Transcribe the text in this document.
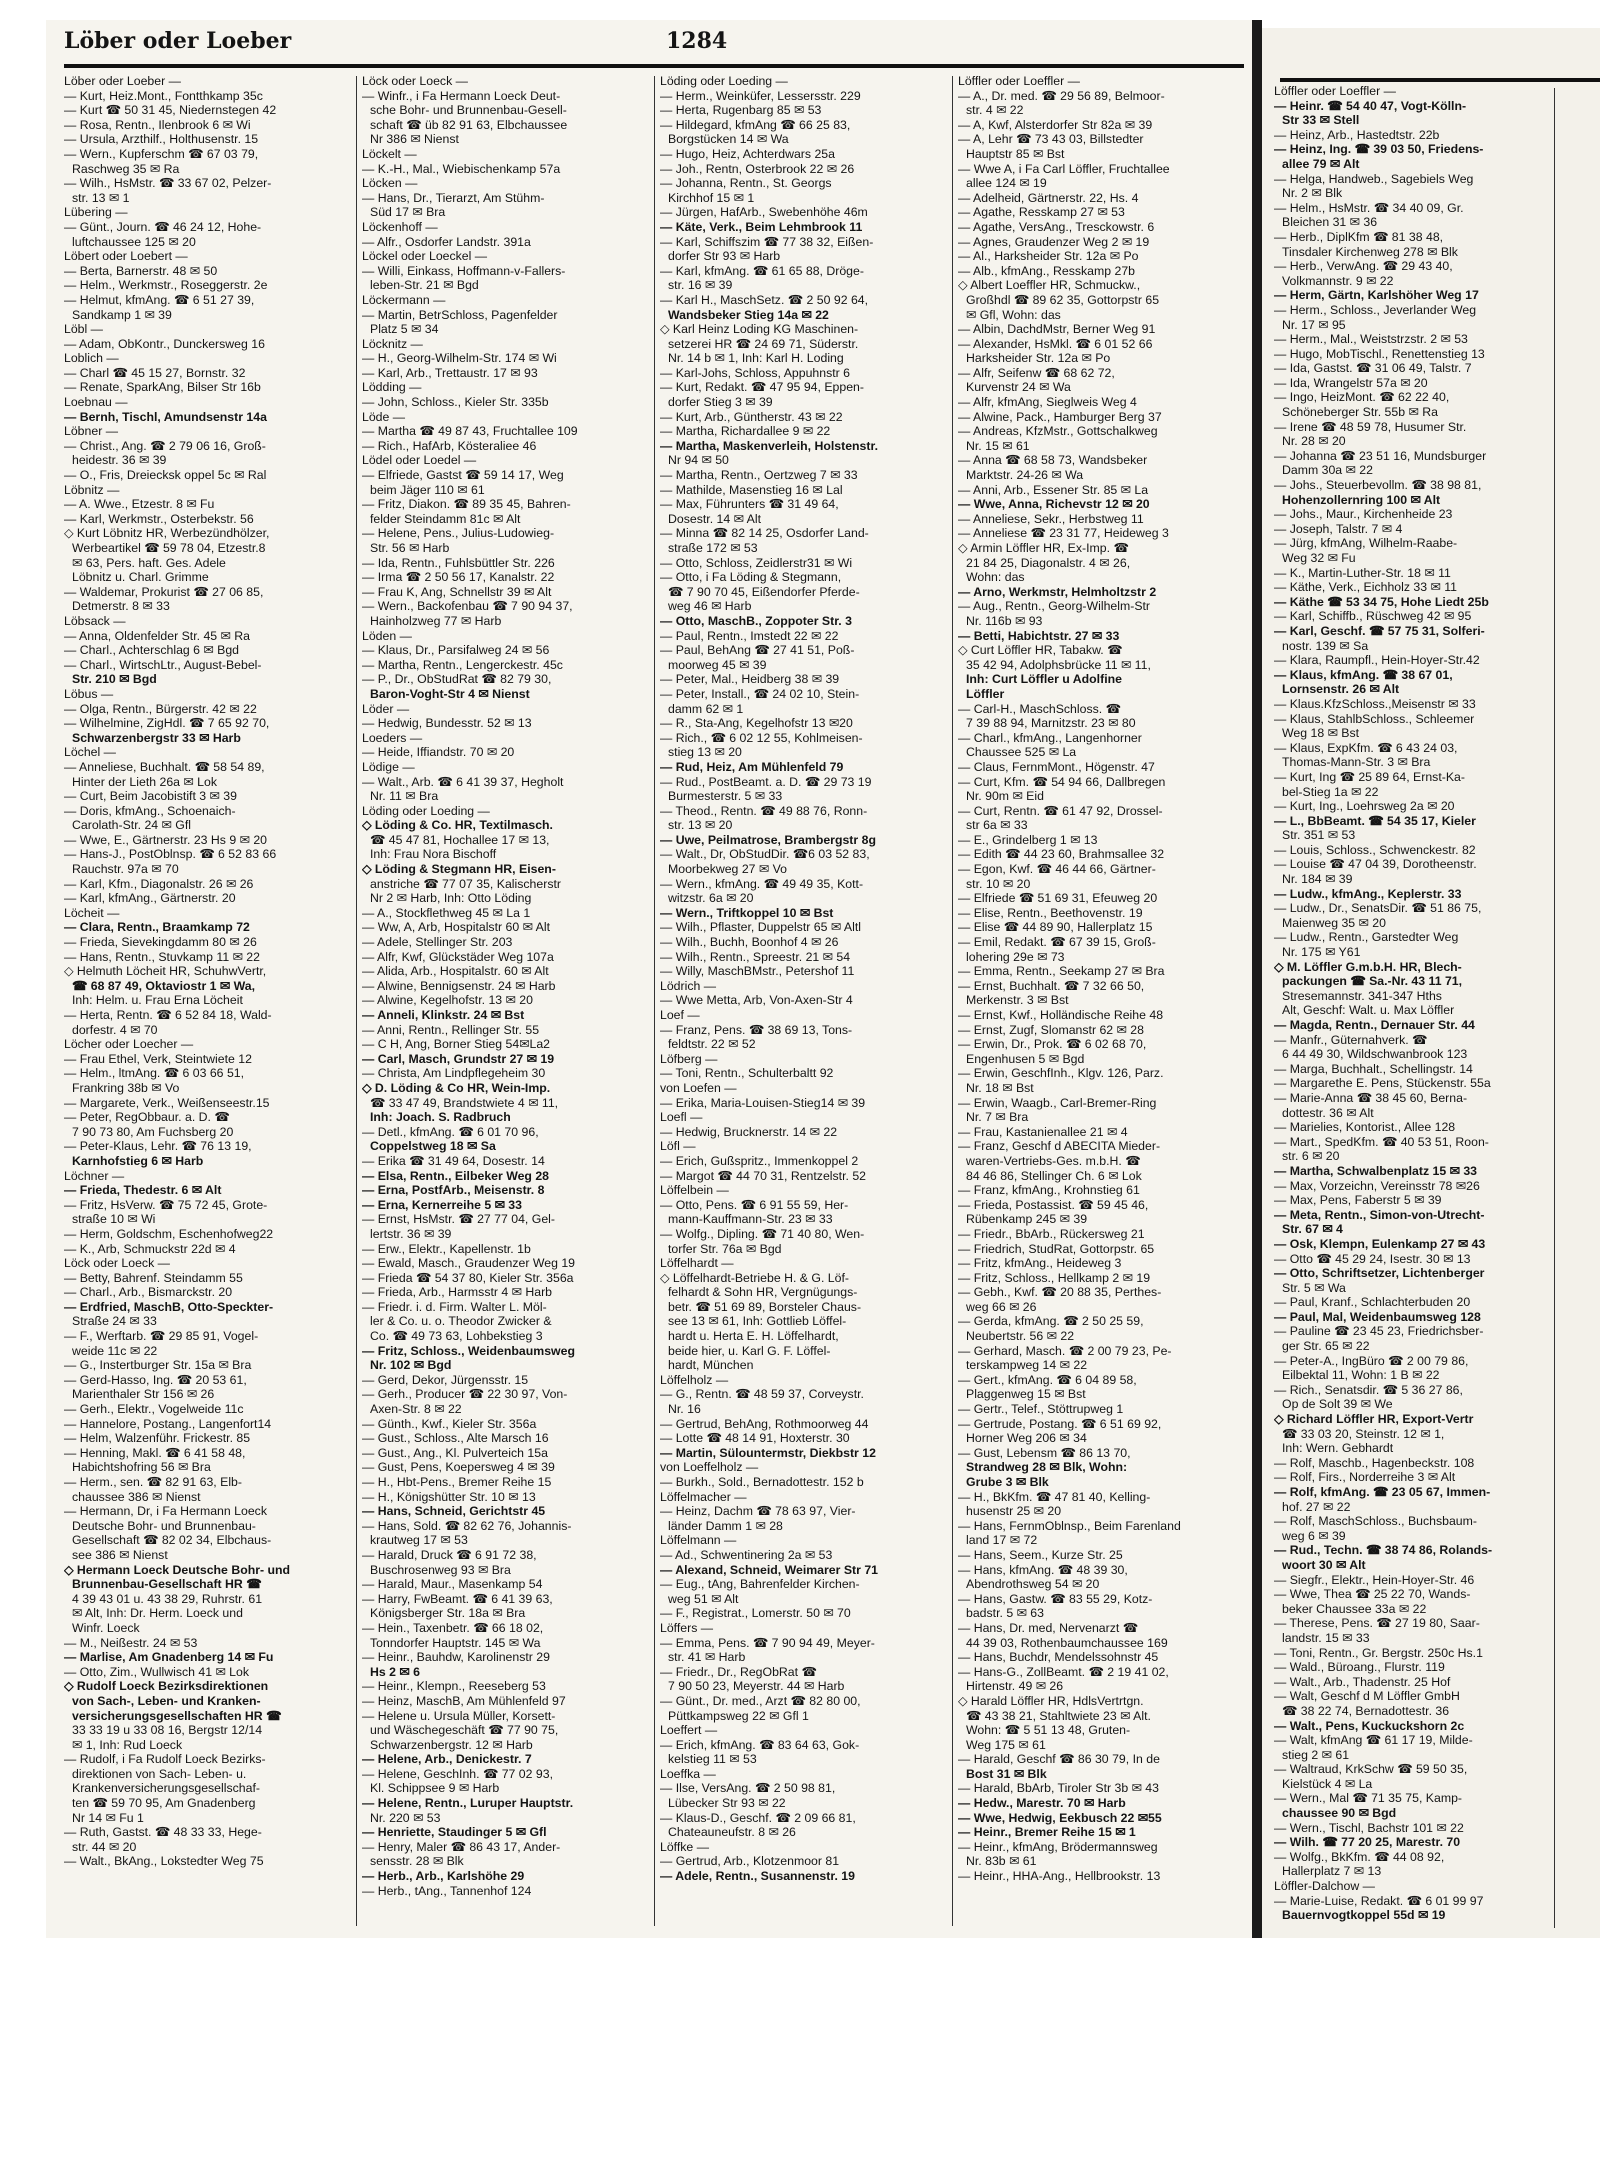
Löber oder Loeber	1284
Löber oder Loeber —
— Kurt, Heiz.Mont., Fontthkamp 35c
— Kurt ☎ 50 31 45, Niedernstegen 42
— Rosa, Rentn., Ilenbrook 6 ✉ Wi
— Ursula, Arzthilf., Holthusenstr. 15
— Wern., Kupferschm ☎ 67 03 79,
Raschweg 35 ✉ Ra
— Wilh., HsMstr. ☎ 33 67 02, Pelzer-
str. 13 ✉ 1
Lübering —
— Günt., Journ. ☎ 46 24 12, Hohe-
luftchaussee 125 ✉ 20
Löbert oder Loebert —
— Berta, Barnerstr. 48 ✉ 50
— Helm., Werkmstr., Roseggerstr. 2e
— Helmut, kfmAng. ☎ 6 51 27 39,
Sandkamp 1 ✉ 39
Löbl —
— Adam, ObKontr., Dunckersweg 16
Loblich —
— Charl ☎ 45 15 27, Bornstr. 32
— Renate, SparkAng, Bilser Str 16b
Loebnau —
— Bernh, Tischl, Amundsenstr 14a
Löbner —
— Christ., Ang. ☎ 2 79 06 16, Groß-
heidestr. 36 ✉ 39
— O., Fris, Dreiecksk oppel 5c ✉ Ral
Löbnitz —
— A. Wwe., Etzestr. 8 ✉ Fu
— Karl, Werkmstr., Osterbekstr. 56
◇ Kurt Löbnitz HR, Werbezündhölzer,
Werbeartikel ☎ 59 78 04, Etzestr.8
✉ 63, Pers. haft. Ges. Adele
Löbnitz u. Charl. Grimme
— Waldemar, Prokurist ☎ 27 06 85,
Detmerstr. 8 ✉ 33
Löbsack —
— Anna, Oldenfelder Str. 45 ✉ Ra
— Charl., Achterschlag 6 ✉ Bgd
— Charl., WirtschLtr., August-Bebel-
Str. 210 ✉ Bgd
Löbus —
— Olga, Rentn., Bürgerstr. 42 ✉ 22
— Wilhelmine, ZigHdl. ☎ 7 65 92 70,
Schwarzenbergstr 33 ✉ Harb
Löchel —
— Anneliese, Buchhalt. ☎ 58 54 89,
Hinter der Lieth 26a ✉ Lok
— Curt, Beim Jacobistift 3 ✉ 39
— Doris, kfmAng., Schoenaich-
Carolath-Str. 24 ✉ Gfl
— Wwe, E., Gärtnerstr. 23 Hs 9 ✉ 20
— Hans-J., PostOblnsp. ☎ 6 52 83 66
Rauchstr. 97a ✉ 70
— Karl, Kfm., Diagonalstr. 26 ✉ 26
— Karl, kfmAng., Gärtnerstr. 20
Löcheit —
— Clara, Rentn., Braamkamp 72
— Frieda, Sievekingdamm 80 ✉ 26
— Hans, Rentn., Stuvkamp 11 ✉ 22
◇ Helmuth Löcheit HR, SchuhwVertr,
☎ 68 87 49, Oktaviostr 1 ✉ Wa,
Inh: Helm. u. Frau Erna Löcheit
— Herta, Rentn. ☎ 6 52 84 18, Wald-
dorfestr. 4 ✉ 70
Löcher oder Loecher —
— Frau Ethel, Verk, Steintwiete 12
— Helm., ltmAng. ☎ 6 03 66 51,
Frankring 38b ✉ Vo
— Margarete, Verk., Weißenseestr.15
— Peter, RegObbaur. a. D. ☎
7 90 73 80, Am Fuchsberg 20
— Peter-Klaus, Lehr. ☎ 76 13 19,
Karnhofstieg 6 ✉ Harb
Löchner —
— Frieda, Thedestr. 6 ✉ Alt
— Fritz, HsVerw. ☎ 75 72 45, Grote-
straße 10 ✉ Wi
— Herm, Goldschm, Eschenhofweg22
— K., Arb, Schmuckstr 22d ✉ 4
Löck oder Loeck —
— Betty, Bahrenf. Steindamm 55
— Charl., Arb., Bismarckstr. 20
— Erdfried, MaschB, Otto-Speckter-
Straße 24 ✉ 33
— F., Werftarb. ☎ 29 85 91, Vogel-
weide 11c ✉ 22
— G., Instertburger Str. 15a ✉ Bra
— Gerd-Hasso, Ing. ☎ 20 53 61,
Marienthaler Str 156 ✉ 26
— Gerh., Elektr., Vogelweide 11c
— Hannelore, Postang., Langenfort14
— Helm, Walzenführ. Frickestr. 85
— Henning, Makl. ☎ 6 41 58 48,
Habichtshofring 56 ✉ Bra
— Herm., sen. ☎ 82 91 63, Elb-
chaussee 386 ✉ Nienst
— Hermann, Dr, i Fa Hermann Loeck
Deutsche Bohr- und Brunnenbau-
Gesellschaft ☎ 82 02 34, Elbchaus-
see 386 ✉ Nienst
◇ Hermann Loeck Deutsche Bohr- und
Brunnenbau-Gesellschaft HR ☎
4 39 43 01 u. 43 38 29, Ruhrstr. 61
✉ Alt, Inh: Dr. Herm. Loeck und
Winfr. Loeck
— M., Neißestr. 24 ✉ 53
— Marlise, Am Gnadenberg 14 ✉ Fu
— Otto, Zim., Wullwisch 41 ✉ Lok
◇ Rudolf Loeck Bezirksdirektionen
von Sach-, Leben- und Kranken-
versicherungsgesellschaften HR ☎
33 33 19 u 33 08 16, Bergstr 12/14
✉ 1, Inh: Rud Loeck
— Rudolf, i Fa Rudolf Loeck Bezirks-
direktionen von Sach- Leben- u.
Krankenversicherungsgesellschaf-
ten ☎ 59 70 95, Am Gnadenberg
Nr 14 ✉ Fu 1
— Ruth, Gastst. ☎ 48 33 33, Hege-
str. 44 ✉ 20
— Walt., BkAng., Lokstedter Weg 75
Löck oder Loeck —
— Winfr., i Fa Hermann Loeck Deut-
sche Bohr- und Brunnenbau-Gesell-
schaft ☎ üb 82 91 63, Elbchaussee
Nr 386 ✉ Nienst
Löckelt —
— K.-H., Mal., Wiebischenkamp 57a
Löcken —
— Hans, Dr., Tierarzt, Am Stühm-
Süd 17 ✉ Bra
Löckenhoff —
— Alfr., Osdorfer Landstr. 391a
Löckel oder Loeckel —
— Willi, Einkass, Hoffmann-v-Fallers-
leben-Str. 21 ✉ Bgd
Löckermann —
— Martin, BetrSchloss, Pagenfelder
Platz 5 ✉ 34
Löcknitz —
— H., Georg-Wilhelm-Str. 174 ✉ Wi
— Karl, Arb., Trettaustr. 17 ✉ 93
Lödding —
— John, Schloss., Kieler Str. 335b
Löde —
— Martha ☎ 49 87 43, Fruchtallee 109
— Rich., HafArb, Kösteraliee 46
Lödel oder Loedel —
— Elfriede, Gastst ☎ 59 14 17, Weg
beim Jäger 110 ✉ 61
— Fritz, Diakon. ☎ 89 35 45, Bahren-
felder Steindamm 81c ✉ Alt
— Helene, Pens., Julius-Ludowieg-
Str. 56 ✉ Harb
— Ida, Rentn., Fuhlsbüttler Str. 226
— Irma ☎ 2 50 56 17, Kanalstr. 22
— Frau K, Ang, Schnellstr 39 ✉ Alt
— Wern., Backofenbau ☎ 7 90 94 37,
Hainholzweg 77 ✉ Harb
Löden —
— Klaus, Dr., Parsifalweg 24 ✉ 56
— Martha, Rentn., Lengerckestr. 45c
— P., Dr., ObStudRat ☎ 82 79 30,
Baron-Voght-Str 4 ✉ Nienst
Löder —
— Hedwig, Bundesstr. 52 ✉ 13
Loeders —
— Heide, Iffiandstr. 70 ✉ 20
Lödige —
— Walt., Arb. ☎ 6 41 39 37, Hegholt
Nr. 11 ✉ Bra
Löding oder Loeding —
◇ Löding & Co. HR, Textilmasch.
☎ 45 47 81, Hochallee 17 ✉ 13,
Inh: Frau Nora Bischoff
◇ Löding & Stegmann HR, Eisen-
anstriche ☎ 77 07 35, Kalischerstr
Nr 2 ✉ Harb, Inh: Otto Löding
— A., Stockflethweg 45 ✉ La 1
— Ww, A, Arb, Hospitalstr 60 ✉ Alt
— Adele, Stellinger Str. 203
— Alfr, Kwf, Glückstäder Weg 107a
— Alida, Arb., Hospitalstr. 60 ✉ Alt
— Alwine, Bennigsenstr. 24 ✉ Harb
— Alwine, Kegelhofstr. 13 ✉ 20
— Anneli, Klinkstr. 24 ✉ Bst
— Anni, Rentn., Rellinger Str. 55
— C H, Ang, Borner Stieg 54✉La2
— Carl, Masch, Grundstr 27 ✉ 19
— Christa, Am Lindpflegeheim 30
◇ D. Löding & Co HR, Wein-Imp.
☎ 33 47 49, Brandstwiete 4 ✉ 11,
Inh: Joach. S. Radbruch
— Detl., kfmAng. ☎ 6 01 70 96,
Coppelstweg 18 ✉ Sa
— Erika ☎ 31 49 64, Dosestr. 14
— Elsa, Rentn., Eilbeker Weg 28
— Erna, PostfArb., Meisenstr. 8
— Erna, Kernerreihe 5 ✉ 33
— Ernst, HsMstr. ☎ 27 77 04, Gel-
lertstr. 36 ✉ 39
— Erw., Elektr., Kapellenstr. 1b
— Ewald, Masch., Graudenzer Weg 19
— Frieda ☎ 54 37 80, Kieler Str. 356a
— Frieda, Arb., Harmsstr 4 ✉ Harb
— Friedr. i. d. Firm. Walter L. Möl-
ler & Co. u. o. Theodor Zwicker &
Co. ☎ 49 73 63, Lohbekstieg 3
— Fritz, Schloss., Weidenbaumsweg
Nr. 102 ✉ Bgd
— Gerd, Dekor, Jürgensstr. 15
— Gerh., Producer ☎ 22 30 97, Von-
Axen-Str. 8 ✉ 22
— Günth., Kwf., Kieler Str. 356a
— Gust., Schloss., Alte Marsch 16
— Gust., Ang., Kl. Pulverteich 15a
— Gust, Pens, Koepersweg 4 ✉ 39
— H., Hbt-Pens., Bremer Reihe 15
— H., Königshütter Str. 10 ✉ 13
— Hans, Schneid, Gerichtstr 45
— Hans, Sold. ☎ 82 62 76, Johannis-
krautweg 17 ✉ 53
— Harald, Druck ☎ 6 91 72 38,
Buschrosenweg 93 ✉ Bra
— Harald, Maur., Masenkamp 54
— Harry, FwBeamt. ☎ 6 41 39 63,
Königsberger Str. 18a ✉ Bra
— Hein., Taxenbetr. ☎ 66 18 02,
Tonndorfer Hauptstr. 145 ✉ Wa
— Heinr., Bauhdw, Karolinenstr 29
Hs 2 ✉ 6
— Heinr., Klempn., Reeseberg 53
— Heinz, MaschB, Am Mühlenfeld 97
— Helene u. Ursula Müller, Korsett-
und Wäschegeschäft ☎ 77 90 75,
Schwarzenbergstr. 12 ✉ Harb
— Helene, Arb., Denickestr. 7
— Helene, GeschInh. ☎ 77 02 93,
Kl. Schippsee 9 ✉ Harb
— Helene, Rentn., Luruper Hauptstr.
Nr. 220 ✉ 53
— Henriette, Staudinger 5 ✉ Gfl
— Henry, Maler ☎ 86 43 17, Ander-
sensstr. 28 ✉ Blk
— Herb., Arb., Karlshöhe 29
— Herb., tAng., Tannenhof 124
Löding oder Loeding —
— Herm., Weinküfer, Lessersstr. 229
— Herta, Rugenbarg 85 ✉ 53
— Hildegard, kfmAng ☎ 66 25 83,
Borgstücken 14 ✉ Wa
— Hugo, Heiz, Achterdwars 25a
— Joh., Rentn, Osterbrook 22 ✉ 26
— Johanna, Rentn., St. Georgs
Kirchhof 15 ✉ 1
— Jürgen, HafArb., Swebenhöhe 46m
— Käte, Verk., Beim Lehmbrook 11
— Karl, Schiffszim ☎ 77 38 32, Eißen-
dorfer Str 93 ✉ Harb
— Karl, kfmAng. ☎ 61 65 88, Dröge-
str. 16 ✉ 39
— Karl H., MaschSetz. ☎ 2 50 92 64,
Wandsbeker Stieg 14a ✉ 22
◇ Karl Heinz Loding KG Maschinen-
setzerei HR ☎ 24 69 71, Süderstr.
Nr. 14 b ✉ 1, Inh: Karl H. Loding
— Karl-Johs, Schloss, Appuhnstr 6
— Kurt, Redakt. ☎ 47 95 94, Eppen-
dorfer Stieg 3 ✉ 39
— Kurt, Arb., Güntherstr. 43 ✉ 22
— Martha, Richardallee 9 ✉ 22
— Martha, Maskenverleih, Holstenstr.
Nr 94 ✉ 50
— Martha, Rentn., Oertzweg 7 ✉ 33
— Mathilde, Masenstieg 16 ✉ Lal
— Max, Führunters ☎ 31 49 64,
Dosestr. 14 ✉ Alt
— Minna ☎ 82 14 25, Osdorfer Land-
straße 172 ✉ 53
— Otto, Schloss, Zeidlerstr31 ✉ Wi
— Otto, i Fa Löding & Stegmann,
☎ 7 90 70 45, Eißendorfer Pferde-
weg 46 ✉ Harb
— Otto, MaschB., Zoppoter Str. 3
— Paul, Rentn., Imstedt 22 ✉ 22
— Paul, BehAng ☎ 27 41 51, Poß-
moorweg 45 ✉ 39
— Peter, Mal., Heidberg 38 ✉ 39
— Peter, Install., ☎ 24 02 10, Stein-
damm 62 ✉ 1
— R., Sta-Ang, Kegelhofstr 13 ✉20
— Rich., ☎ 6 02 12 55, Kohlmeisen-
stieg 13 ✉ 20
— Rud, Heiz, Am Mühlenfeld 79
— Rud., PostBeamt. a. D. ☎ 29 73 19
Burmesterstr. 5 ✉ 33
— Theod., Rentn. ☎ 49 88 76, Ronn-
str. 13 ✉ 20
— Uwe, Peilmatrose, Brambergstr 8g
— Walt., Dr, ObStudDir. ☎6 03 52 83,
Moorbekweg 27 ✉ Vo
— Wern., kfmAng. ☎ 49 49 35, Kott-
witzstr. 6a ✉ 20
— Wern., Triftkoppel 10 ✉ Bst
— Wilh., Pflaster, Duppelstr 65 ✉ Altl
— Wilh., Buchh, Boonhof 4 ✉ 26
— Wilh., Rentn., Spreestr. 21 ✉ 54
— Willy, MaschBMstr., Petershof 11
Lödrich —
— Wwe Metta, Arb, Von-Axen-Str 4
Loef —
— Franz, Pens. ☎ 38 69 13, Tons-
feldtstr. 22 ✉ 52
Löfberg —
— Toni, Rentn., Schulterbaltt 92
von Loefen —
— Erika, Maria-Louisen-Stieg14 ✉ 39
Loefl —
— Hedwig, Brucknerstr. 14 ✉ 22
Löfl —
— Erich, Gußspritz., Immenkoppel 2
— Margot ☎ 44 70 31, Rentzelstr. 52
Löffelbein —
— Otto, Pens. ☎ 6 91 55 59, Her-
mann-Kauffmann-Str. 23 ✉ 33
— Wolfg., Dipling. ☎ 71 40 80, Wen-
torfer Str. 76a ✉ Bgd
Löffelhardt —
◇ Löffelhardt-Betriebe H. & G. Löf-
felhardt & Sohn HR, Vergnügungs-
betr. ☎ 51 69 89, Borsteler Chaus-
see 13 ✉ 61, Inh: Gottlieb Löffel-
hardt u. Herta E. H. Löffelhardt,
beide hier, u. Karl G. F. Löffel-
hardt, München
Löffelholz —
— G., Rentn. ☎ 48 59 37, Corveystr.
Nr. 16
— Gertrud, BehAng, Rothmoorweg 44
— Lotte ☎ 48 14 91, Hoxterstr. 30
— Martin, Sülountermstr, Diekbstr 12
von Loeffelholz —
— Burkh., Sold., Bernadottestr. 152 b
Löffelmacher —
— Heinz, Dachm ☎ 78 63 97, Vier-
länder Damm 1 ✉ 28
Löffelmann —
— Ad., Schwentinering 2a ✉ 53
— Alexand, Schneid, Weimarer Str 71
— Eug., tAng, Bahrenfelder Kirchen-
weg 51 ✉ Alt
— F., Registrat., Lomerstr. 50 ✉ 70
Löffers —
— Emma, Pens. ☎ 7 90 94 49, Meyer-
str. 41 ✉ Harb
— Friedr., Dr., RegObRat ☎
7 90 50 23, Meyerstr. 44 ✉ Harb
— Günt., Dr. med., Arzt ☎ 82 80 00,
Püttkampsweg 22 ✉ Gfl 1
Loeffert —
— Erich, kfmAng. ☎ 83 64 63, Gok-
kelstieg 11 ✉ 53
Loeffka —
— Ilse, VersAng. ☎ 2 50 98 81,
Lübecker Str 93 ✉ 22
— Klaus-D., Geschf. ☎ 2 09 66 81,
Chateauneufstr. 8 ✉ 26
Löffke —
— Gertrud, Arb., Klotzenmoor 81
— Adele, Rentn., Susannenstr. 19
Löffler oder Loeffler —
— A., Dr. med. ☎ 29 56 89, Belmoor-
str. 4 ✉ 22
— A, Kwf, Alsterdorfer Str 82a ✉ 39
— A, Lehr ☎ 73 43 03, Billstedter
Hauptstr 85 ✉ Bst
— Wwe A, i Fa Carl Löffler, Fruchtallee
allee 124 ✉ 19
— Adelheid, Gärtnerstr. 22, Hs. 4
— Agathe, Resskamp 27 ✉ 53
— Agathe, VersAng., Tresckowstr. 6
— Agnes, Graudenzer Weg 2 ✉ 19
— Al., Harksheider Str. 12a ✉ Po
— Alb., kfmAng., Resskamp 27b
◇ Albert Loeffler HR, Schmuckw.,
Großhdl ☎ 89 62 35, Gottorpstr 65
✉ Gfl, Wohn: das
— Albin, DachdMstr, Berner Weg 91
— Alexander, HsMkl. ☎ 6 01 52 66
Harksheider Str. 12a ✉ Po
— Alfr, Seifenw ☎ 68 62 72,
Kurvenstr 24 ✉ Wa
— Alfr, kfmAng, Sieglweis Weg 4
— Alwine, Pack., Hamburger Berg 37
— Andreas, KfzMstr., Gottschalkweg
Nr. 15 ✉ 61
— Anna ☎ 68 58 73, Wandsbeker
Marktstr. 24-26 ✉ Wa
— Anni, Arb., Essener Str. 85 ✉ La
— Wwe, Anna, Richevstr 12 ✉ 20
— Anneliese, Sekr., Herbstweg 11
— Anneliese ☎ 23 31 77, Heideweg 3
◇ Armin Löffler HR, Ex-Imp. ☎
21 84 25, Diagonalstr. 4 ✉ 26,
Wohn: das
— Arno, Werkmstr, Helmholtzstr 2
— Aug., Rentn., Georg-Wilhelm-Str
Nr. 116b ✉ 93
— Betti, Habichtstr. 27 ✉ 33
◇ Curt Löffler HR, Tabakw. ☎
35 42 94, Adolphsbrücke 11 ✉ 11,
Inh: Curt Löffler u Adolfine
Löffler
— Carl-H., MaschSchloss. ☎
7 39 88 94, Marnitzstr. 23 ✉ 80
— Charl., kfmAng., Langenhorner
Chaussee 525 ✉ La
— Claus, FernmMont., Högenstr. 47
— Curt, Kfm. ☎ 54 94 66, Dallbregen
Nr. 90m ✉ Eid
— Curt, Rentn. ☎ 61 47 92, Drossel-
str 6a ✉ 33
— E., Grindelberg 1 ✉ 13
— Edith ☎ 44 23 60, Brahmsallee 32
— Egon, Kwf. ☎ 46 44 66, Gärtner-
str. 10 ✉ 20
— Elfriede ☎ 51 69 31, Efeuweg 20
— Elise, Rentn., Beethovenstr. 19
— Elise ☎ 44 89 90, Hallerplatz 15
— Emil, Redakt. ☎ 67 39 15, Groß-
lohering 29e ✉ 73
— Emma, Rentn., Seekamp 27 ✉ Bra
— Ernst, Buchhalt. ☎ 7 32 66 50,
Merkenstr. 3 ✉ Bst
— Ernst, Kwf., Holländische Reihe 48
— Ernst, Zugf, Slomanstr 62 ✉ 28
— Erwin, Dr., Prok. ☎ 6 02 68 70,
Engenhusen 5 ✉ Bgd
— Erwin, GeschfInh., Klgv. 126, Parz.
Nr. 18 ✉ Bst
— Erwin, Waagb., Carl-Bremer-Ring
Nr. 7 ✉ Bra
— Frau, Kastanienallee 21 ✉ 4
— Franz, Geschf d ABECITA Mieder-
waren-Vertriebs-Ges. m.b.H. ☎
84 46 86, Stellinger Ch. 6 ✉ Lok
— Franz, kfmAng., Krohnstieg 61
— Frieda, Postassist. ☎ 59 45 46,
Rübenkamp 245 ✉ 39
— Friedr., BbArb., Rückersweg 21
— Friedrich, StudRat, Gottorpstr. 65
— Fritz, kfmAng., Heideweg 3
— Fritz, Schloss., Hellkamp 2 ✉ 19
— Gebh., Kwf. ☎ 20 88 35, Perthes-
weg 66 ✉ 26
— Gerda, kfmAng. ☎ 2 50 25 59,
Neubertstr. 56 ✉ 22
— Gerhard, Masch. ☎ 2 00 79 23, Pe-
terskampweg 14 ✉ 22
— Gert., kfmAng. ☎ 6 04 89 58,
Plaggenweg 15 ✉ Bst
— Gertr., Telef., Stöttrupweg 1
— Gertrude, Postang. ☎ 6 51 69 92,
Horner Weg 206 ✉ 34
— Gust, Lebensm ☎ 86 13 70,
Strandweg 28 ✉ Blk, Wohn:
Grube 3 ✉ Blk
— H., BkKfm. ☎ 47 81 40, Kelling-
husenstr 25 ✉ 20
— Hans, FernmOblnsp., Beim Farenland
land 17 ✉ 72
— Hans, Seem., Kurze Str. 25
— Hans, kfmAng. ☎ 48 39 30,
Abendrothsweg 54 ✉ 20
— Hans, Gastw. ☎ 83 55 29, Kotz-
badstr. 5 ✉ 63
— Hans, Dr. med, Nervenarzt ☎
44 39 03, Rothenbaumchaussee 169
— Hans, Buchdr, Mendelssohnstr 45
— Hans-G., ZollBeamt. ☎ 2 19 41 02,
Hirtenstr. 49 ✉ 26
◇ Harald Löffler HR, HdlsVertrtgn.
☎ 43 38 21, Stahltwiete 23 ✉ Alt.
Wohn: ☎ 5 51 13 48, Gruten-
Weg 175 ✉ 61
— Harald, Geschf ☎ 86 30 79, In de
Bost 31 ✉ Blk
— Harald, BbArb, Tiroler Str 3b ✉ 43
— Hedw., Marestr. 70 ✉ Harb
— Wwe, Hedwig, Eekbusch 22 ✉55
— Heinr., Bremer Reihe 15 ✉ 1
— Heinr., kfmAng, Brödermannsweg
Nr. 83b ✉ 61
— Heinr., HHA-Ang., Hellbrookstr. 13
Löffler oder Loeffler —
— Heinr. ☎ 54 40 47, Vogt-Kölln-
Str 33 ✉ Stell
— Heinz, Arb., Hastedtstr. 22b
— Heinz, Ing. ☎ 39 03 50, Friedens-
allee 79 ✉ Alt
— Helga, Handweb., Sagebiels Weg
Nr. 2 ✉ Blk
— Helm., HsMstr. ☎ 34 40 09, Gr.
Bleichen 31 ✉ 36
— Herb., DiplKfm ☎ 81 38 48,
Tinsdaler Kirchenweg 278 ✉ Blk
— Herb., VerwAng. ☎ 29 43 40,
Volkmannstr. 9 ✉ 22
— Herm, Gärtn, Karlshöher Weg 17
— Herm., Schloss., Jeverlander Weg
Nr. 17 ✉ 95
— Herm., Mal., Weiststrzstr. 2 ✉ 53
— Hugo, MobTischl., Renettenstieg 13
— Ida, Gastst. ☎ 31 06 49, Talstr. 7
— Ida, Wrangelstr 57a ✉ 20
— Ingo, HeizMont. ☎ 62 22 40,
Schöneberger Str. 55b ✉ Ra
— Irene ☎ 48 59 78, Husumer Str.
Nr. 28 ✉ 20
— Johanna ☎ 23 51 16, Mundsburger
Damm 30a ✉ 22
— Johs., Steuerbevollm. ☎ 38 98 81,
Hohenzollernring 100 ✉ Alt
— Johs., Maur., Kirchenheide 23
— Joseph, Talstr. 7 ✉ 4
— Jürg, kfmAng, Wilhelm-Raabe-
Weg 32 ✉ Fu
— K., Martin-Luther-Str. 18 ✉ 11
— Käthe, Verk., Eichholz 33 ✉ 11
— Käthe ☎ 53 34 75, Hohe Liedt 25b
— Karl, Schiffb., Rüschweg 42 ✉ 95
— Karl, Geschf. ☎ 57 75 31, Solferi-
nostr. 139 ✉ Sa
— Klara, Raumpfl., Hein-Hoyer-Str.42
— Klaus, kfmAng. ☎ 38 67 01,
Lornsenstr. 26 ✉ Alt
— Klaus.KfzSchloss.,Meisenstr ✉ 33
— Klaus, StahlbSchloss., Schleemer
Weg 18 ✉ Bst
— Klaus, ExpKfm. ☎ 6 43 24 03,
Thomas-Mann-Str. 3 ✉ Bra
— Kurt, Ing ☎ 25 89 64, Ernst-Ka-
bel-Stieg 1a ✉ 22
— Kurt, Ing., Loehrsweg 2a ✉ 20
— L., BbBeamt. ☎ 54 35 17, Kieler
Str. 351 ✉ 53
— Louis, Schloss., Schwenckestr. 82
— Louise ☎ 47 04 39, Dorotheenstr.
Nr. 184 ✉ 39
— Ludw., kfmAng., Keplerstr. 33
— Ludw., Dr., SenatsDir. ☎ 51 86 75,
Maienweg 35 ✉ 20
— Ludw., Rentn., Garstedter Weg
Nr. 175 ✉ Y61
◇ M. Löffler G.m.b.H. HR, Blech-
packungen ☎ Sa.-Nr. 43 11 71,
Stresemannstr. 341-347 Hths
Alt, Geschf: Walt. u. Max Löffler
— Magda, Rentn., Dernauer Str. 44
— Manfr., Güternahverk. ☎
6 44 49 30, Wildschwanbrook 123
— Marga, Buchhalt., Schellingstr. 14
— Margarethe E. Pens, Stückenstr. 55a
— Marie-Anna ☎ 38 45 60, Berna-
dottestr. 36 ✉ Alt
— Marielies, Kontorist., Allee 128
— Mart., SpedKfm. ☎ 40 53 51, Roon-
str. 6 ✉ 20
— Martha, Schwalbenplatz 15 ✉ 33
— Max, Vorzeichn, Vereinsstr 78 ✉26
— Max, Pens, Faberstr 5 ✉ 39
— Meta, Rentn., Simon-von-Utrecht-
Str. 67 ✉ 4
— Osk, Klempn, Eulenkamp 27 ✉ 43
— Otto ☎ 45 29 24, Isestr. 30 ✉ 13
— Otto, Schriftsetzer, Lichtenberger
Str. 5 ✉ Wa
— Paul, Kranf., Schlachterbuden 20
— Paul, Mal, Weidenbaumsweg 128
— Pauline ☎ 23 45 23, Friedrichsber-
ger Str. 65 ✉ 22
— Peter-A., IngBüro ☎ 2 00 79 86,
Eilbektal 11, Wohn: 1 B ✉ 22
— Rich., Senatsdir. ☎ 5 36 27 86,
Op de Solt 39 ✉ We
◇ Richard Löffler HR, Export-Vertr
☎ 33 03 20, Steinstr. 12 ✉ 1,
Inh: Wern. Gebhardt
— Rolf, Maschb., Hagenbeckstr. 108
— Rolf, Firs., Norderreihe 3 ✉ Alt
— Rolf, kfmAng. ☎ 23 05 67, Immen-
hof. 27 ✉ 22
— Rolf, MaschSchloss., Buchsbaum-
weg 6 ✉ 39
— Rud., Techn. ☎ 38 74 86, Rolands-
woort 30 ✉ Alt
— Siegfr., Elektr., Hein-Hoyer-Str. 46
— Wwe, Thea ☎ 25 22 70, Wands-
beker Chaussee 33a ✉ 22
— Therese, Pens. ☎ 27 19 80, Saar-
landstr. 15 ✉ 33
— Toni, Rentn., Gr. Bergstr. 250c Hs.1
— Wald., Büroang., Flurstr. 119
— Walt., Arb., Thadenstr. 25 Hof
— Walt, Geschf d M Löffler GmbH
☎ 38 22 74, Bernadottestr. 36
— Walt., Pens, Kuckuckshorn 2c
— Walt, kfmAng ☎ 61 17 19, Milde-
stieg 2 ✉ 61
— Waltraud, KrkSchw ☎ 59 50 35,
Kielstück 4 ✉ La
— Wern., Mal ☎ 71 35 75, Kamp-
chaussee 90 ✉ Bgd
— Wern., Tischl, Bachstr 101 ✉ 22
— Wilh. ☎ 77 20 25, Marestr. 70
— Wolfg., BkKfm. ☎ 44 08 92,
Hallerplatz 7 ✉ 13
Löffler-Dalchow —
— Marie-Luise, Redakt. ☎ 6 01 99 97
Bauernvogtkoppel 55d ✉ 19
